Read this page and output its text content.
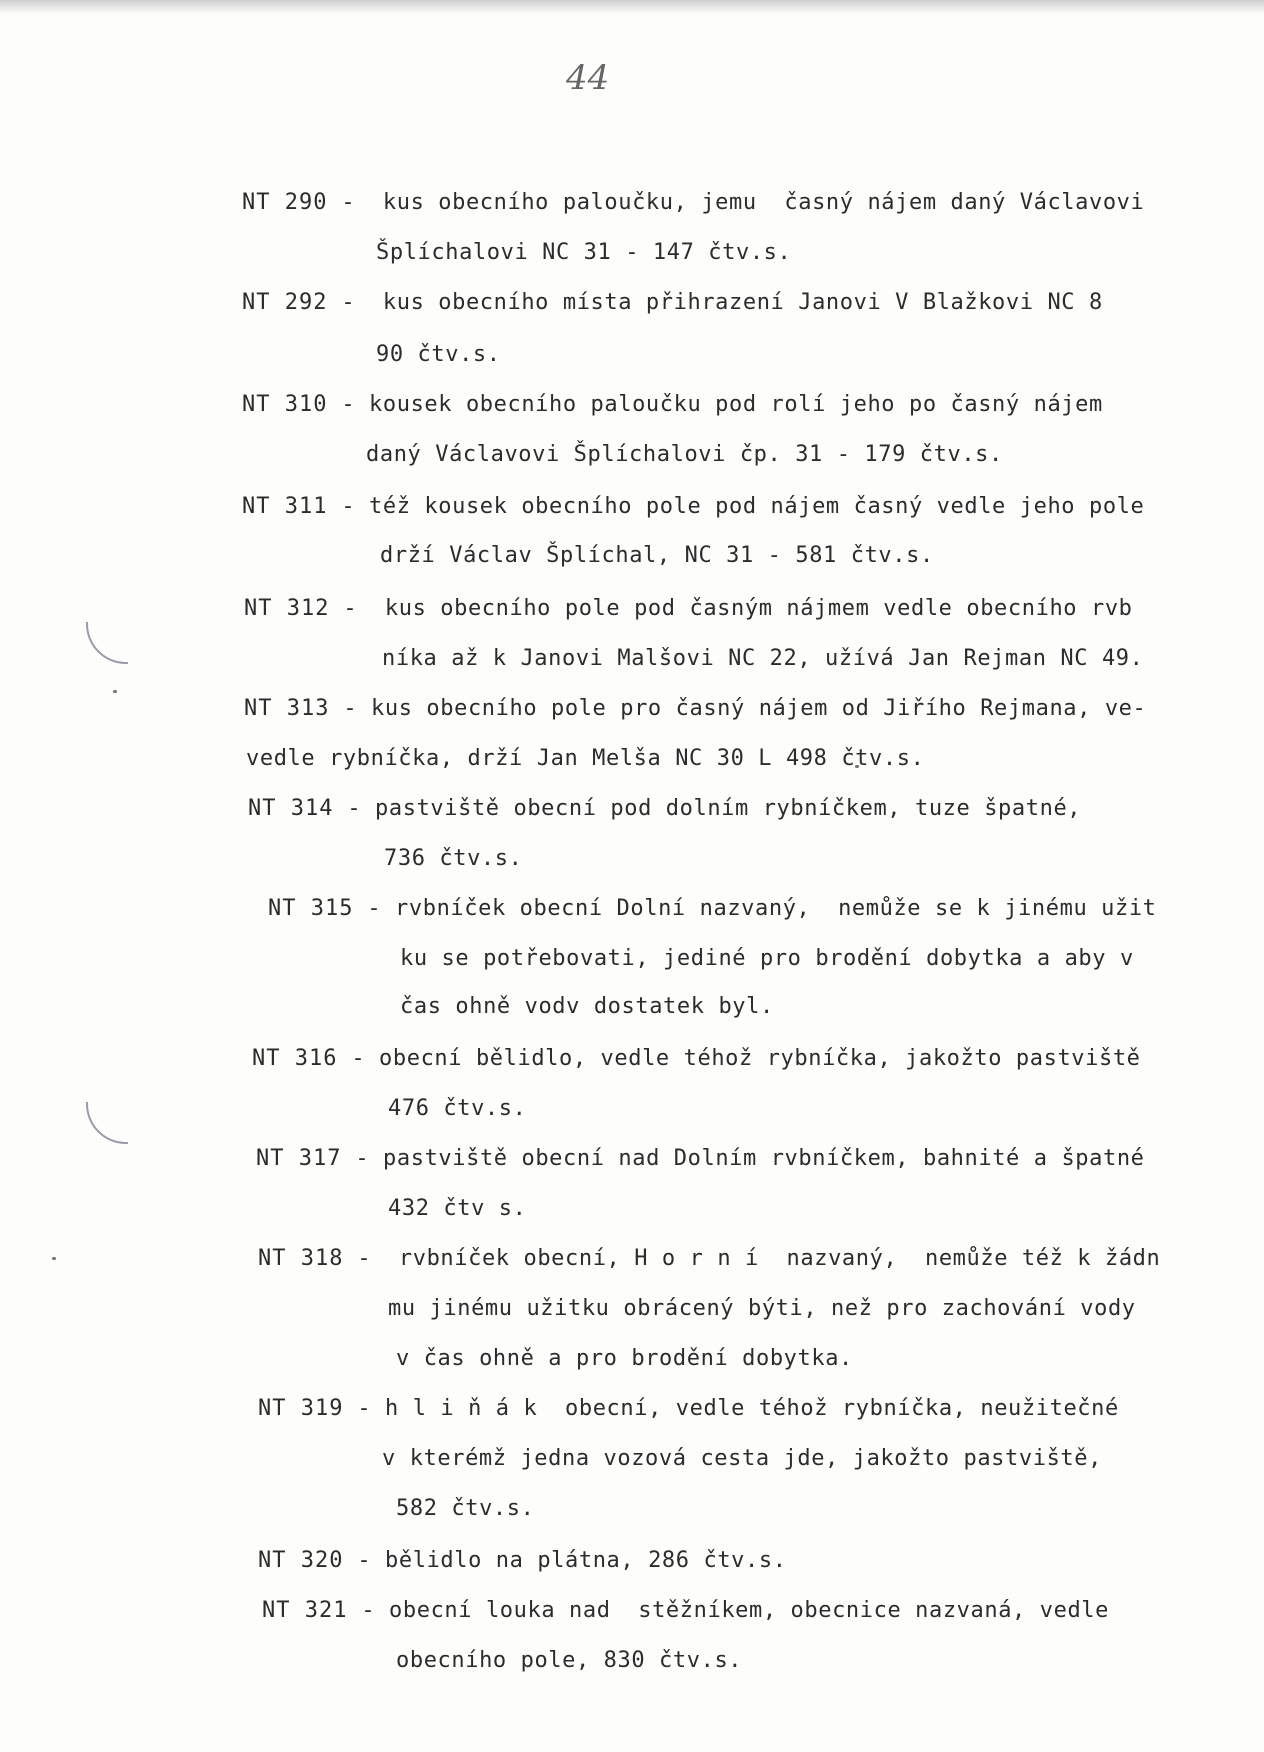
44
NT 290 -  kus obecního paloučku, jemu  časný nájem daný Václavovi
Šplíchalovi NC 31 - 147 čtv.s.
NT 292 -  kus obecního místa přihrazení Janovi V Blažkovi NC 8
90 čtv.s.
NT 310 - kousek obecního paloučku pod rolí jeho po časný nájem
daný Václavovi Šplíchalovi čp. 31 - 179 čtv.s.
NT 311 - též kousek obecního pole pod nájem časný vedle jeho pole
drží Václav Šplíchal, NC 31 - 581 čtv.s.
NT 312 -  kus obecního pole pod časným nájmem vedle obecního rvb
níka až k Janovi Malšovi NC 22, užívá Jan Rejman NC 49.
NT 313 - kus obecního pole pro časný nájem od Jiřího Rejmana, ve-
vedle rybníčka, drží Jan Melša NC 30 L 498 čtv.s.
NT 314 - pastviště obecní pod dolním rybníčkem, tuze špatné,
736 čtv.s.
NT 315 - rvbníček obecní Dolní nazvaný,  nemůže se k jinému užit
ku se potřebovati, jediné pro brodění dobytka a aby v
čas ohně vodv dostatek byl.
NT 316 - obecní bělidlo, vedle téhož rybníčka, jakožto pastviště
476 čtv.s.
NT 317 - pastviště obecní nad Dolním rvbníčkem, bahnité a špatné
432 čtv s.
NT 318 -  rvbníček obecní, H o r n í  nazvaný,  nemůže též k žádn
mu jinému užitku obrácený býti, než pro zachování vody
v čas ohně a pro brodění dobytka.
NT 319 - h l i ň á k  obecní, vedle téhož rybníčka, neužitečné
v kterémž jedna vozová cesta jde, jakožto pastviště,
582 čtv.s.
NT 320 - bělidlo na plátna, 286 čtv.s.
NT 321 - obecní louka nad  stěžníkem, obecnice nazvaná, vedle
obecního pole, 830 čtv.s.
